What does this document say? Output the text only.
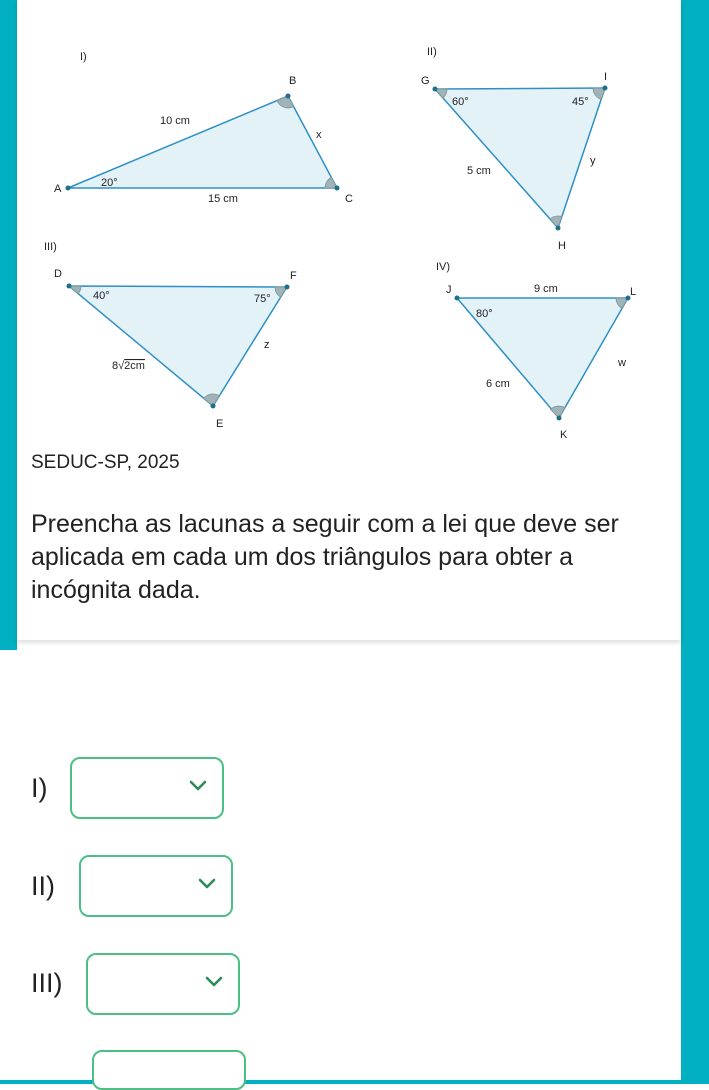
I)
A
B
C
10 cm
15 cm
x
20°
II)
G	I
H
5 cm
y
60°	45°
III)
D	F
E
8√2cm
z
40°	75°
IV)
J	L
K
9 cm
6 cm
w
80°
SEDUC-SP, 2025
Preencha as lacunas a seguir com a lei que deve ser aplicada em cada um dos triângulos para obter a incógnita dada.
I)
II)
III)
